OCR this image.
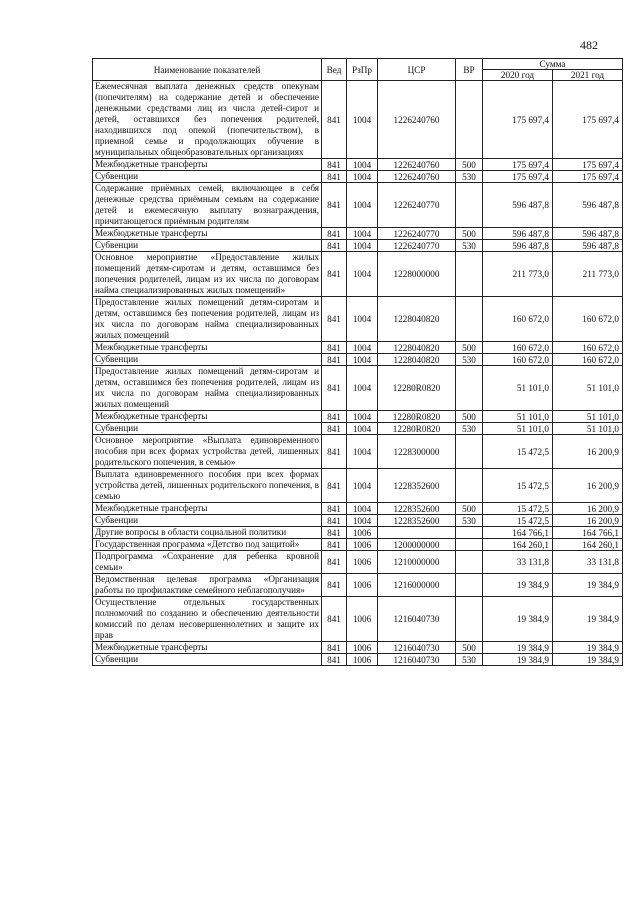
482
Наименование показателей	Вед	РзПр	ЦСР	ВР	Сумма	
					2020 год	2021 год
Ежемесячная выплата денежных средств опекунам (попечителям) на содержание детей и обеспечение денежными средствами лиц из числа детей-сирот и детей, оставшихся без попечения родителей, находившихся под опекой (попечительством), в приемной семье и продолжающих обучение в муниципальных общеобразовательных организациях	841	1004	1226240760		175 697,4	175 697,4
Межбюджетные трансферты	841	1004	1226240760	500	175 697,4	175 697,4
Субвенции	841	1004	1226240760	530	175 697,4	175 697,4
Содержание приёмных семей, включающее в себя денежные средства приёмным семьям на содержание детей и ежемесячную выплату вознаграждения, причитающегося приёмным родителям	841	1004	1226240770		596 487,8	596 487,8
Межбюджетные трансферты	841	1004	1226240770	500	596 487,8	596 487,8
Субвенции	841	1004	1226240770	530	596 487,8	596 487,8
Основное мероприятие «Предоставление жилых помещений детям-сиротам и детям, оставшимся без попечения родителей, лицам из их числа по договорам найма специализированных жилых помещений»	841	1004	1228000000		211 773,0	211 773,0
Предоставление жилых помещений детям-сиротам и детям, оставшимся без попечения родителей, лицам из их числа по договорам найма специализированных жилых помещений	841	1004	1228040820		160 672,0	160 672,0
Межбюджетные трансферты	841	1004	1228040820	500	160 672,0	160 672,0
Субвенции	841	1004	1228040820	530	160 672,0	160 672,0
Предоставление жилых помещений детям-сиротам и детям, оставшимся без попечения родителей, лицам из их числа по договорам найма специализированных жилых помещений	841	1004	12280R0820		51 101,0	51 101,0
Межбюджетные трансферты	841	1004	12280R0820	500	51 101,0	51 101,0
Субвенции	841	1004	12280R0820	530	51 101,0	51 101,0
Основное мероприятие «Выплата единовременного пособия при всех формах устройства детей, лишенных родительского попечения, в семью»	841	1004	1228300000		15 472,5	16 200,9
Выплата единовременного пособия при всех формах устройства детей, лишенных родительского попечения, в семью	841	1004	1228352600		15 472,5	16 200,9
Межбюджетные трансферты	841	1004	1228352600	500	15 472,5	16 200,9
Субвенции	841	1004	1228352600	530	15 472,5	16 200,9
Другие вопросы в области социальной политики	841	1006			164 766,1	164 766,1
Государственная программа «Детство под защитой»	841	1006	1200000000		164 260,1	164 260,1
Подпрограмма «Сохранение для ребенка кровной семьи»	841	1006	1210000000		33 131,8	33 131,8
Ведомственная целевая программа «Организация работы по профилактике семейного неблагополучия»	841	1006	1216000000		19 384,9	19 384,9
Осуществление отдельных государственных полномочий по созданию и обеспечению деятельности комиссий по делам несовершеннолетних и защите их прав	841	1006	1216040730		19 384,9	19 384,9
Межбюджетные трансферты	841	1006	1216040730	500	19 384,9	19 384,9
Субвенции	841	1006	1216040730	530	19 384,9	19 384,9
